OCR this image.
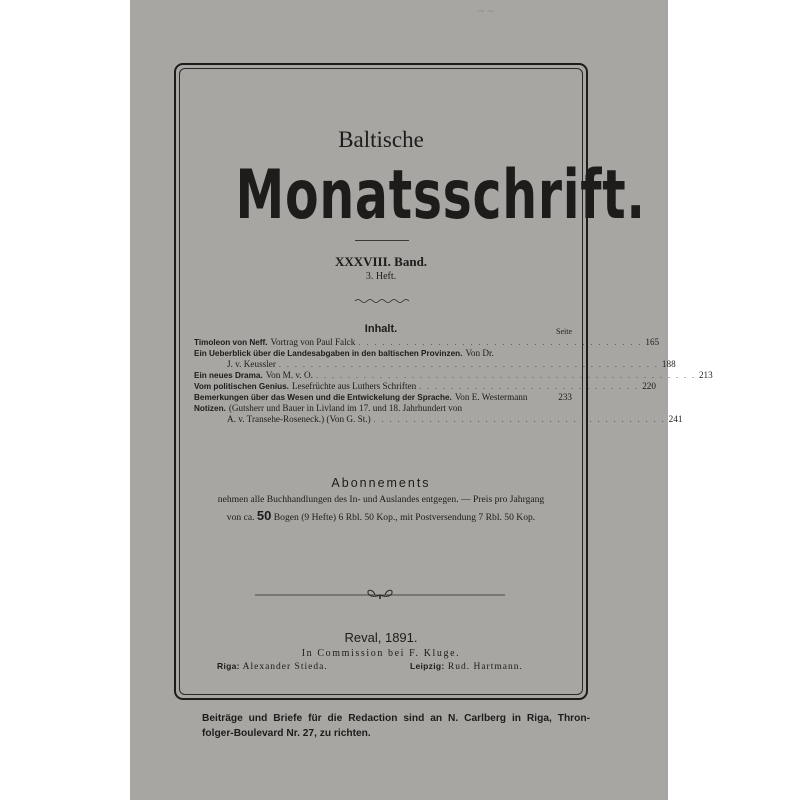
~ ~
Baltische
Monatsschrift.
XXXVIII. Band.
3. Heft.
Inhalt.	Seite
Timoleon von Neff. Vortrag von Paul Falck . . . . . . . . . . . . . . . . . . . . . . . . . . . . . . . . . . . . 165
Ein Ueberblick über die Landesabgaben in den baltischen Provinzen. Von Dr.
J. v. Keussler . . . . . . . . . . . . . . . . . . . . . . . . . . . . . . . . . . . . . . . . . . . . . . . . 188
Ein neues Drama. Von M. v. O. . . . . . . . . . . . . . . . . . . . . . . . . . . . . . . . . . . . . . . . . . . . . . . . . 213
Vom politischen Genius. Lesefrüchte aus Luthers Schriften . . . . . . . . . . . . . . . . . . . . . . . . . . . . 220
Bemerkungen über das Wesen und die Entwickelung der Sprache. Von E. Westermann	233
Notizen. (Gutsherr und Bauer in Livland im 17. und 18. Jahrhundert von
A. v. Transehe-Roseneck.) (Von G. St.) . . . . . . . . . . . . . . . . . . . . . . . . . . . . . . . . . . . . . 241
Abonnements
nehmen alle Buchhandlungen des In- und Auslandes entgegen. — Preis pro Jahrgang
von ca. 50 Bogen (9 Hefte) 6 Rbl. 50 Kop., mit Postversendung 7 Rbl. 50 Kop.
Reval, 1891.
In Commission bei F. Kluge.
Riga: Alexander Stieda.	Leipzig: Rud. Hartmann.
Beiträge und Briefe für die Redaction sind an N. Carlberg in Riga, Thron-
folger-Boulevard Nr. 27, zu richten.
